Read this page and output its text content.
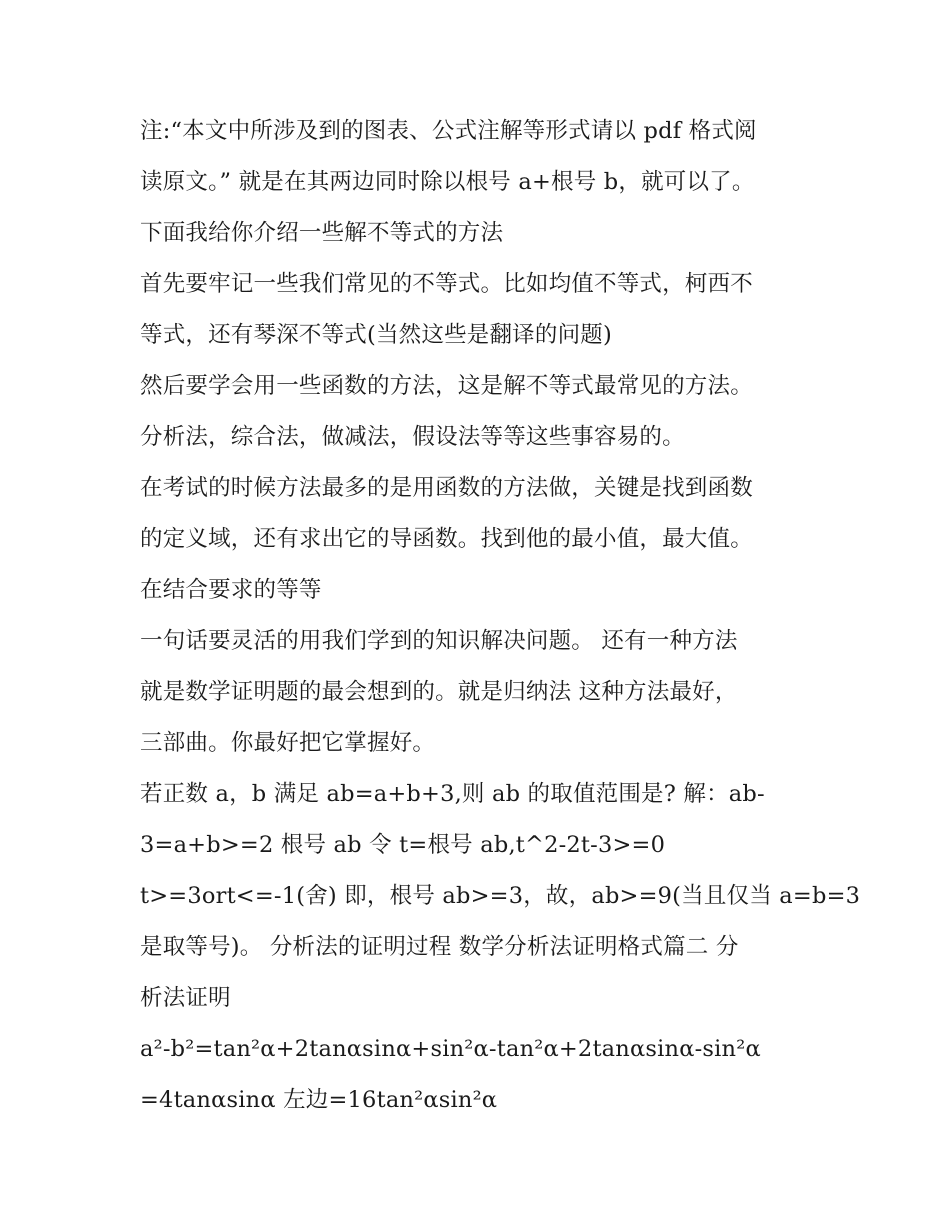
注:“本文中所涉及到的图表、公式注解等形式请以 pdf 格式阅
读原文。” 就是在其两边同时除以根号 a+根号 b，就可以了。
下面我给你介绍一些解不等式的方法
首先要牢记一些我们常见的不等式。比如均值不等式，柯西不
等式，还有琴深不等式(当然这些是翻译的问题)
然后要学会用一些函数的方法，这是解不等式最常见的方法。
分析法，综合法，做减法，假设法等等这些事容易的。
在考试的时候方法最多的是用函数的方法做，关键是找到函数
的定义域，还有求出它的导函数。找到他的最小值，最大值。
在结合要求的等等
一句话要灵活的用我们学到的知识解决问题。 还有一种方法
就是数学证明题的最会想到的。就是归纳法 这种方法最好，
三部曲。你最好把它掌握好。
若正数 a，b 满足 ab=a+b+3,则 ab 的取值范围是? 解：ab-
3=a+b>=2 根号 ab 令 t=根号 ab,t^2-2t-3>=0
t>=3ort<=-1(舍) 即，根号 ab>=3，故，ab>=9(当且仅当 a=b=3
是取等号)。 分析法的证明过程 数学分析法证明格式篇二 分
析法证明
a²-b²=tan²α+2tanαsinα+sin²α-tan²α+2tanαsinα-sin²α
=4tanαsinα 左边=16tan²αsin²α
